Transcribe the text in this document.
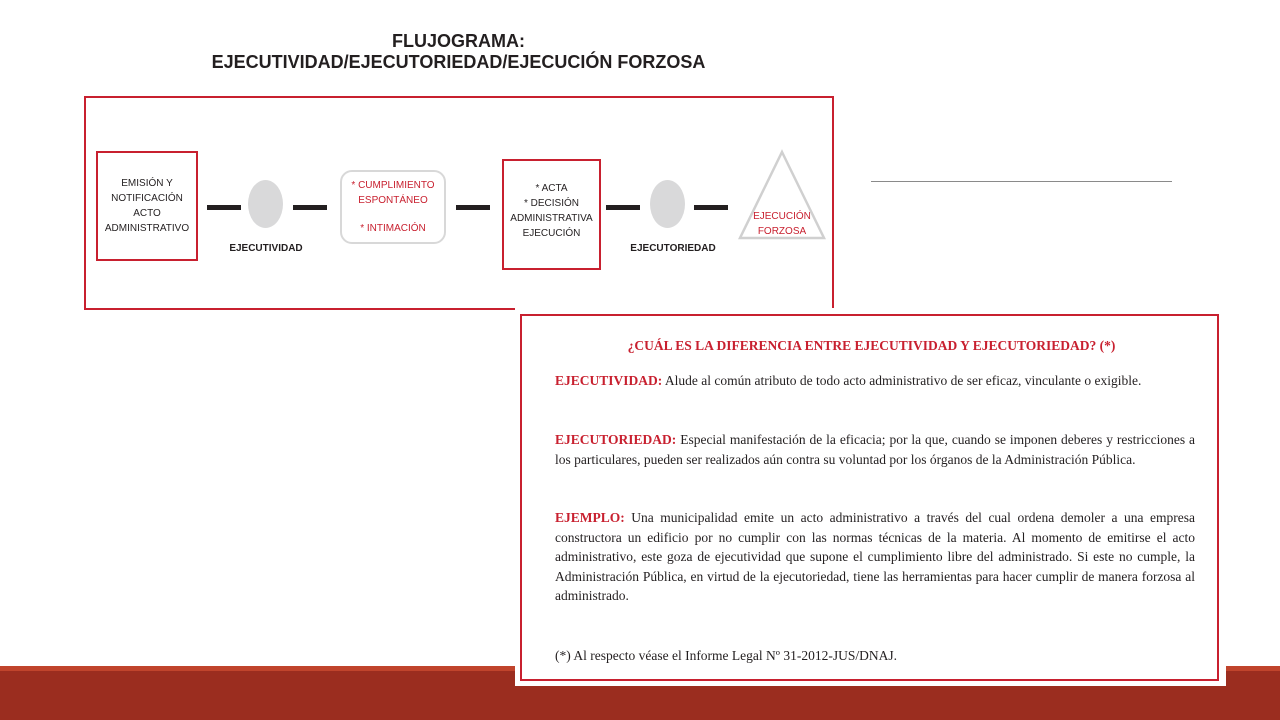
FLUJOGRAMA:
EJECUTIVIDAD/EJECUTORIEDAD/EJECUCIÓN FORZOSA
EMISIÓN Y
NOTIFICACIÓN
ACTO
ADMINISTRATIVO
EJECUTIVIDAD
* CUMPLIMIENTO
ESPONTÁNEO
* INTIMACIÓN
* ACTA
* DECISIÓN
ADMINISTRATIVA
EJECUCIÓN
EJECUTORIEDAD
EJECUCIÓN
FORZOSA
¿CUÁL ES LA DIFERENCIA ENTRE EJECUTIVIDAD Y EJECUTORIEDAD? (*)

EJECUTIVIDAD: Alude al común atributo de todo acto administrativo de ser eficaz, vinculante o exigible.

EJECUTORIEDAD: Especial manifestación de la eficacia; por la que, cuando se imponen deberes y restricciones a los particulares, pueden ser realizados aún contra su voluntad por los órganos de la Administración Pública.

EJEMPLO: Una municipalidad emite un acto administrativo a través del cual ordena demoler a una empresa constructora un edificio por no cumplir con las normas técnicas de la materia. Al momento de emitirse el acto administrativo, este goza de ejecutividad que supone el cumplimiento libre del administrado. Si este no cumple, la Administración Pública, en virtud de la ejecutoriedad, tiene las herramientas para hacer cumplir de manera forzosa al administrado.

(*) Al respecto véase el Informe Legal Nº 31-2012-JUS/DNAJ.
